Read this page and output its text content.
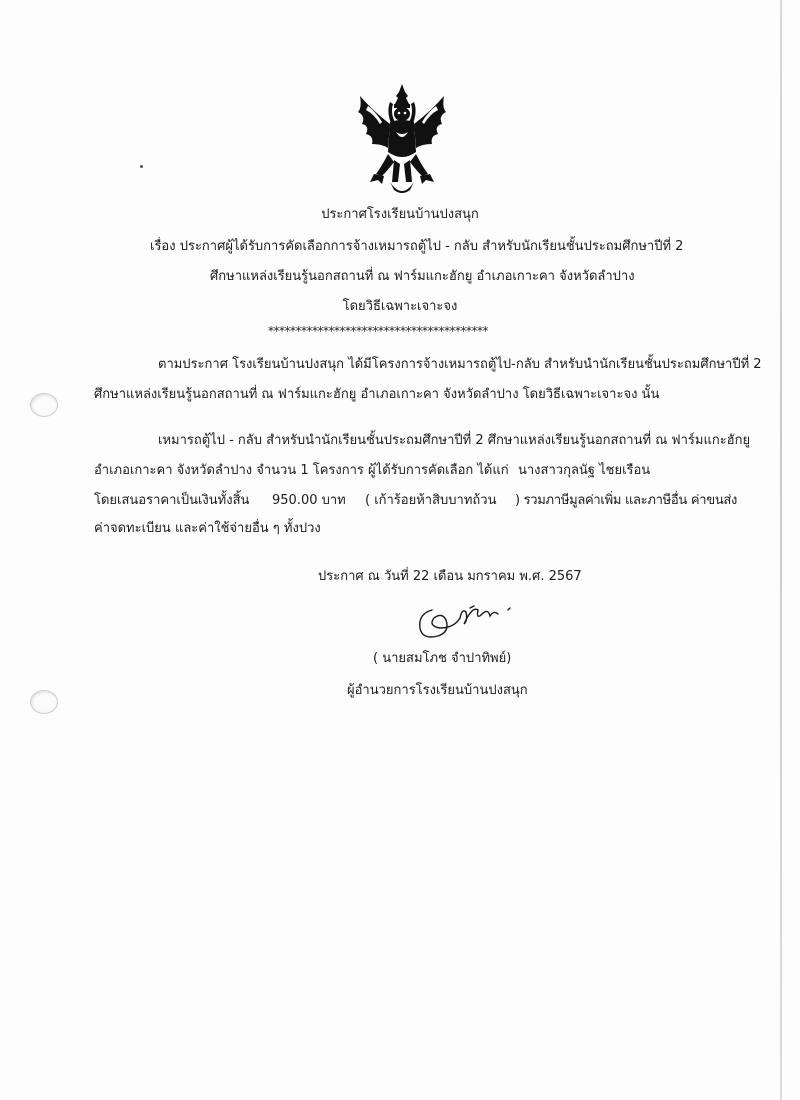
ประกาศโรงเรียนบ้านปงสนุก
เรื่อง ประกาศผู้ได้รับการคัดเลือกการจ้างเหมารถตู้ไป - กลับ สำหรับนักเรียนชั้นประถมศึกษาปีที่ 2
ศึกษาแหล่งเรียนรู้นอกสถานที่ ณ ฟาร์มแกะฮักยู อำเภอเกาะคา จังหวัดลำปาง
โดยวิธีเฉพาะเจาะจง
****************************************
ตามประกาศ โรงเรียนบ้านปงสนุก ได้มีโครงการจ้างเหมารถตู้ไป-กลับ สำหรับนำนักเรียนชั้นประถมศึกษาปีที่ 2
ศึกษาแหล่งเรียนรู้นอกสถานที่ ณ ฟาร์มแกะฮักยู อำเภอเกาะคา จังหวัดลำปาง โดยวิธีเฉพาะเจาะจง นั้น
เหมารถตู้ไป - กลับ สำหรับนำนักเรียนชั้นประถมศึกษาปีที่ 2 ศึกษาแหล่งเรียนรู้นอกสถานที่ ณ ฟาร์มแกะฮักยู
อำเภอเกาะคา จังหวัดลำปาง จำนวน 1 โครงการ ผู้ได้รับการคัดเลือก ได้แก่ นางสาวกุลนัฐ ไชยเรือน
โดยเสนอราคาเป็นเงินทั้งสิ้น 950.00 บาท ( เก้าร้อยห้าสิบบาทถ้วน ) รวมภาษีมูลค่าเพิ่ม และภาษีอื่น ค่าขนส่ง
ค่าจดทะเบียน และค่าใช้จ่ายอื่น ๆ ทั้งปวง
ประกาศ ณ วันที่ 22 เดือน มกราคม พ.ศ. 2567
( นายสมโภช จำปาทิพย์)
ผู้อำนวยการโรงเรียนบ้านปงสนุก
